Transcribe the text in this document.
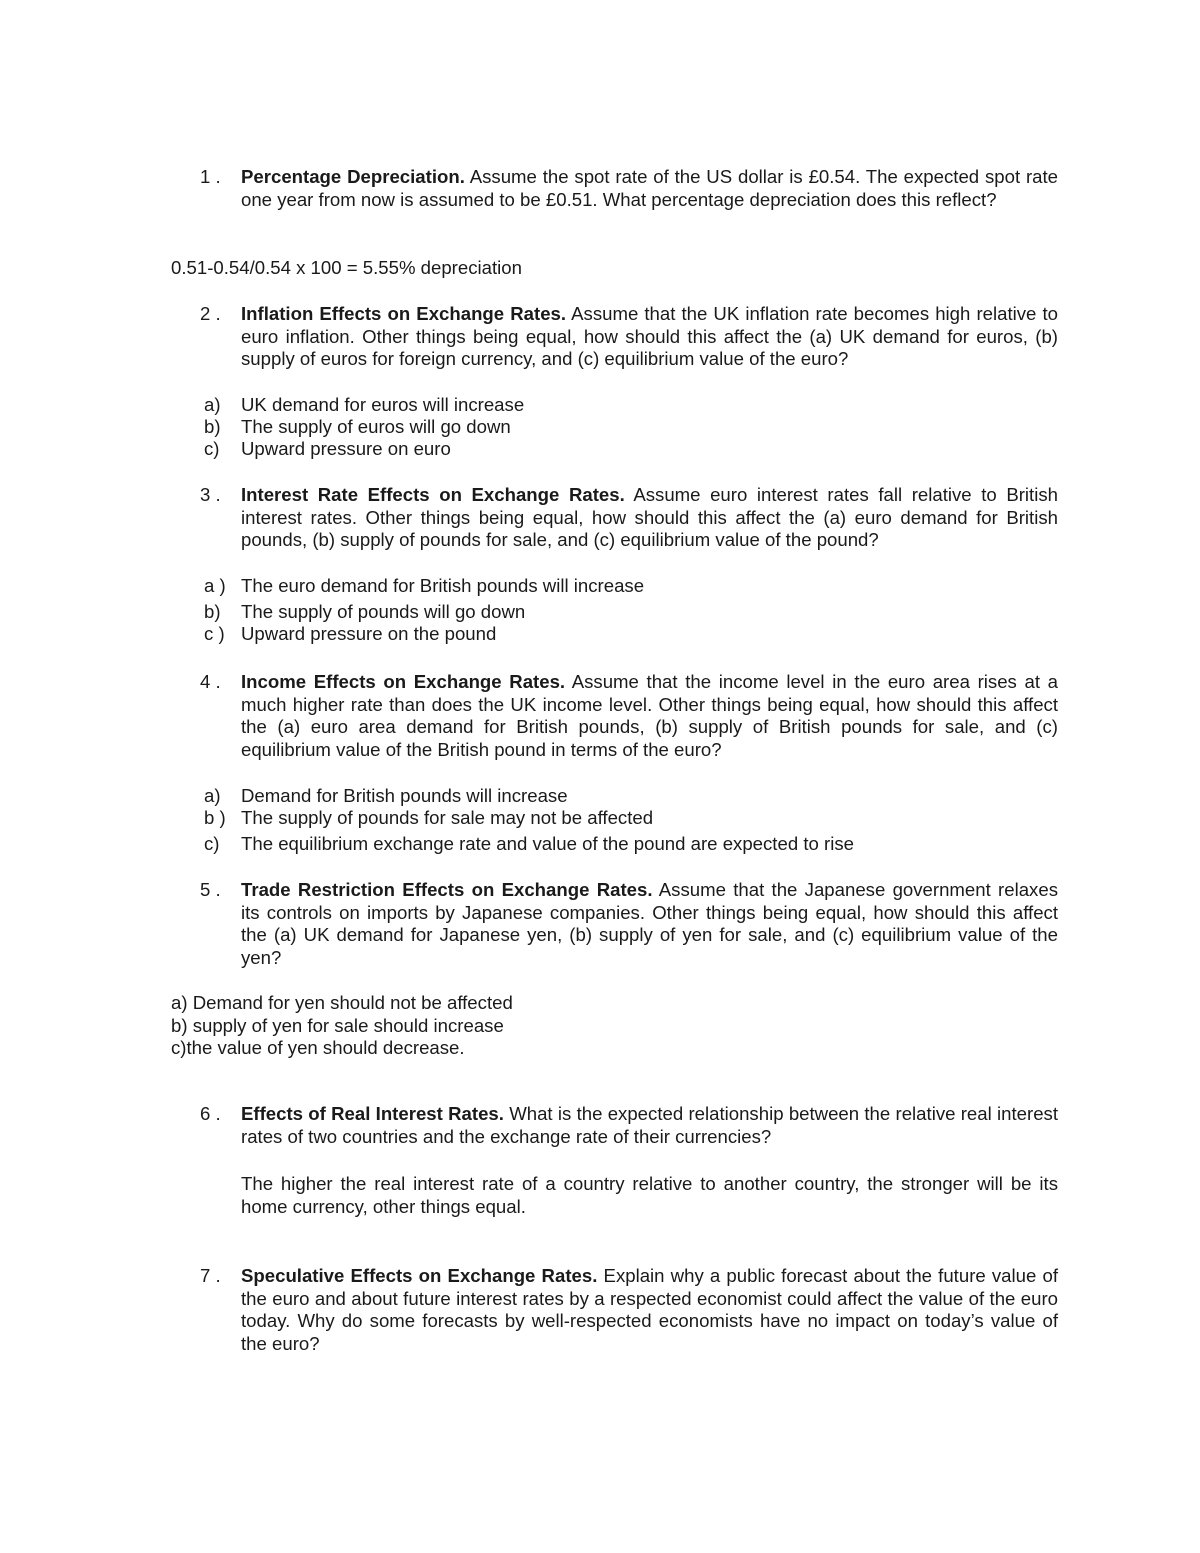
1 . Percentage Depreciation. Assume the spot rate of the US dollar is £0.54. The expected spot rate one year from now is assumed to be £0.51. What percentage depreciation does this reflect?
0.51-0.54/0.54 x 100 = 5.55% depreciation
2 . Inflation Effects on Exchange Rates. Assume that the UK inflation rate becomes high relative to euro inflation. Other things being equal, how should this affect the (a) UK demand for euros, (b) supply of euros for foreign currency, and (c) equilibrium value of the euro?
a) UK demand for euros will increase
b) The supply of euros will go down
c) Upward pressure on euro
3 . Interest Rate Effects on Exchange Rates. Assume euro interest rates fall relative to British interest rates. Other things being equal, how should this affect the (a) euro demand for British pounds, (b) supply of pounds for sale, and (c) equilibrium value of the pound?
a ) The euro demand for British pounds will increase
b) The supply of pounds will go down
c ) Upward pressure on the pound
4 . Income Effects on Exchange Rates. Assume that the income level in the euro area rises at a much higher rate than does the UK income level. Other things being equal, how should this affect the (a) euro area demand for British pounds, (b) supply of British pounds for sale, and (c) equilibrium value of the British pound in terms of the euro?
a) Demand for British pounds will increase
b ) The supply of pounds for sale may not be affected
c) The equilibrium exchange rate and value of the pound are expected to rise
5 . Trade Restriction Effects on Exchange Rates. Assume that the Japanese government relaxes its controls on imports by Japanese companies. Other things being equal, how should this affect the (a) UK demand for Japanese yen, (b) supply of yen for sale, and (c) equilibrium value of the yen?
a) Demand for yen should not be affected
b) supply of yen for sale should increase
c)the value of yen should decrease.
6 . Effects of Real Interest Rates. What is the expected relationship between the relative real interest rates of two countries and the exchange rate of their currencies?
The higher the real interest rate of a country relative to another country, the stronger will be its home currency, other things equal.
7 . Speculative Effects on Exchange Rates. Explain why a public forecast about the future value of the euro and about future interest rates by a respected economist could affect the value of the euro today. Why do some forecasts by well-respected economists have no impact on today’s value of the euro?
